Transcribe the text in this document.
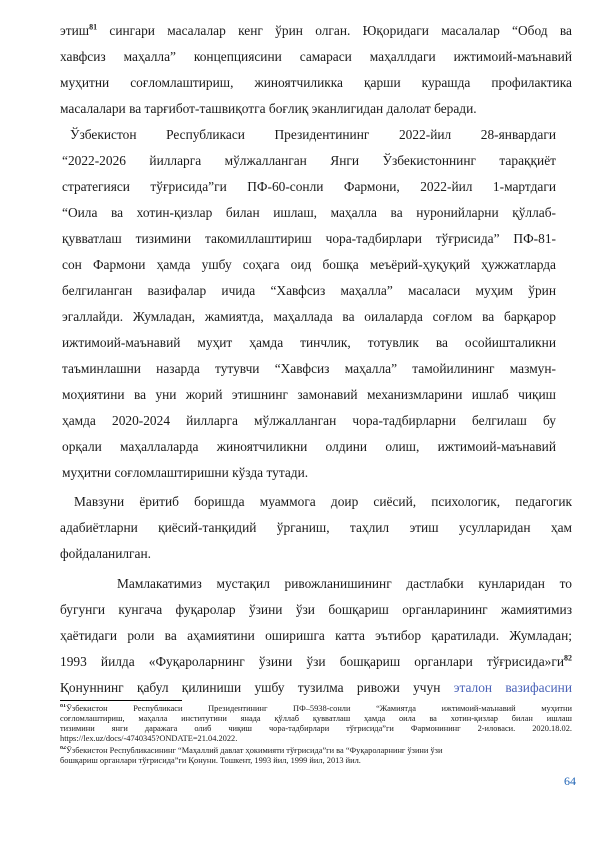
этиш$^{81}$ сингари масалалар кенг ўрин олган. Юқоридаги масалалар “Обод ва
хавфсиз маҳалла” концепциясини самараси маҳаллдаги ижтимоий-маънавий
муҳитни соғломлаштириш, жиноятчиликка қарши курашда профилактика
масалалари ва тарғибот-ташвиқотга боғлиқ эканлигидан далолат беради.
Ўзбекистон Республикаси Президентининг 2022-йил 28-январдаги
“2022-2026 йилларга мўлжалланган Янги Ўзбекистоннинг тараққиёт
стратегияси тўғрисида”ги ПФ-60-сонли Фармони, 2022-йил 1-мартдаги
“Оила ва хотин-қизлар билан ишлаш, маҳалла ва нуронийларни қўллаб-
қувватлаш тизимини такомиллаштириш чора-тадбирлари тўғрисида” ПФ-81-
сон Фармони ҳамда ушбу соҳага оид бошқа меъёрий-ҳуқуқий ҳужжатларда
белгиланган вазифалар ичида “Хавфсиз маҳалла” масаласи муҳим ўрин
эгаллайди. Жумладан, жамиятда, маҳаллада ва оилаларда соғлом ва барқарор
ижтимоий-маънавий муҳит ҳамда тинчлик, тотувлик ва осойишталикни
таъминлашни назарда тутувчи “Хавфсиз маҳалла” тамойилининг мазмун-
моҳиятини ва уни жорий этишнинг замонавий механизмларини ишлаб чиқиш
ҳамда 2020-2024 йилларга мўлжалланган чора-тадбирларни белгилаш бу
орқали маҳаллаларда жиноятчиликни олдини олиш, ижтимоий-маънавий
муҳитни соғломлаштиришни кўзда тутади.
Мавзуни ёритиб боришда муаммога доир сиёсий, психологик, педагогик
адабиётларни қиёсий-танқидий ўрганиш, таҳлил этиш усулларидан ҳам
фойдаланилган.
Мамлакатимиз мустақил ривожланишининг дастлабки кунларидан то
бугунги кунгача фуқаролар ўзини ўзи бошқариш органларининг жамиятимиз
ҳаётидаги роли ва аҳамиятини оширишга катта эътибор қаратилади. Жумладан;
1993 йилда «Фуқароларнинг ўзини ўзи бошқариш органлари $тўғрисида»ги^{82}$
Қонуннинг қабул қилиниши ушбу тузилма ривожи учун эталон вазифасини
$^{81}$Ўзбекистон Республикаси Президентининг ПФ–5938-сонли “Жамиятда ижтимоий-маънавий муҳитни
соғломлаштириш, маҳалла институтини янада қўллаб қувватлаш ҳамда оила ва хотин-қизлар билан ишлаш
тизимини янги даражага олиб чиқиш чора-тадбирлари тўғрисида”ги Фармонининг 2-иловаси. 2020.18.02.
https://lex.uz/docs/-4740345?ONDATE=21.04.2022.
$^{82}$Ўзбекистон Республикасининг “Маҳаллий давлат ҳокимияти тўғрисида”ги ва “Фуқароларнинг ўзини ўзи
бошқариш органлари тўғрисида”ги Қонуни. Тошкент, 1993 йил, 1999 йил, 2013 йил.
64
